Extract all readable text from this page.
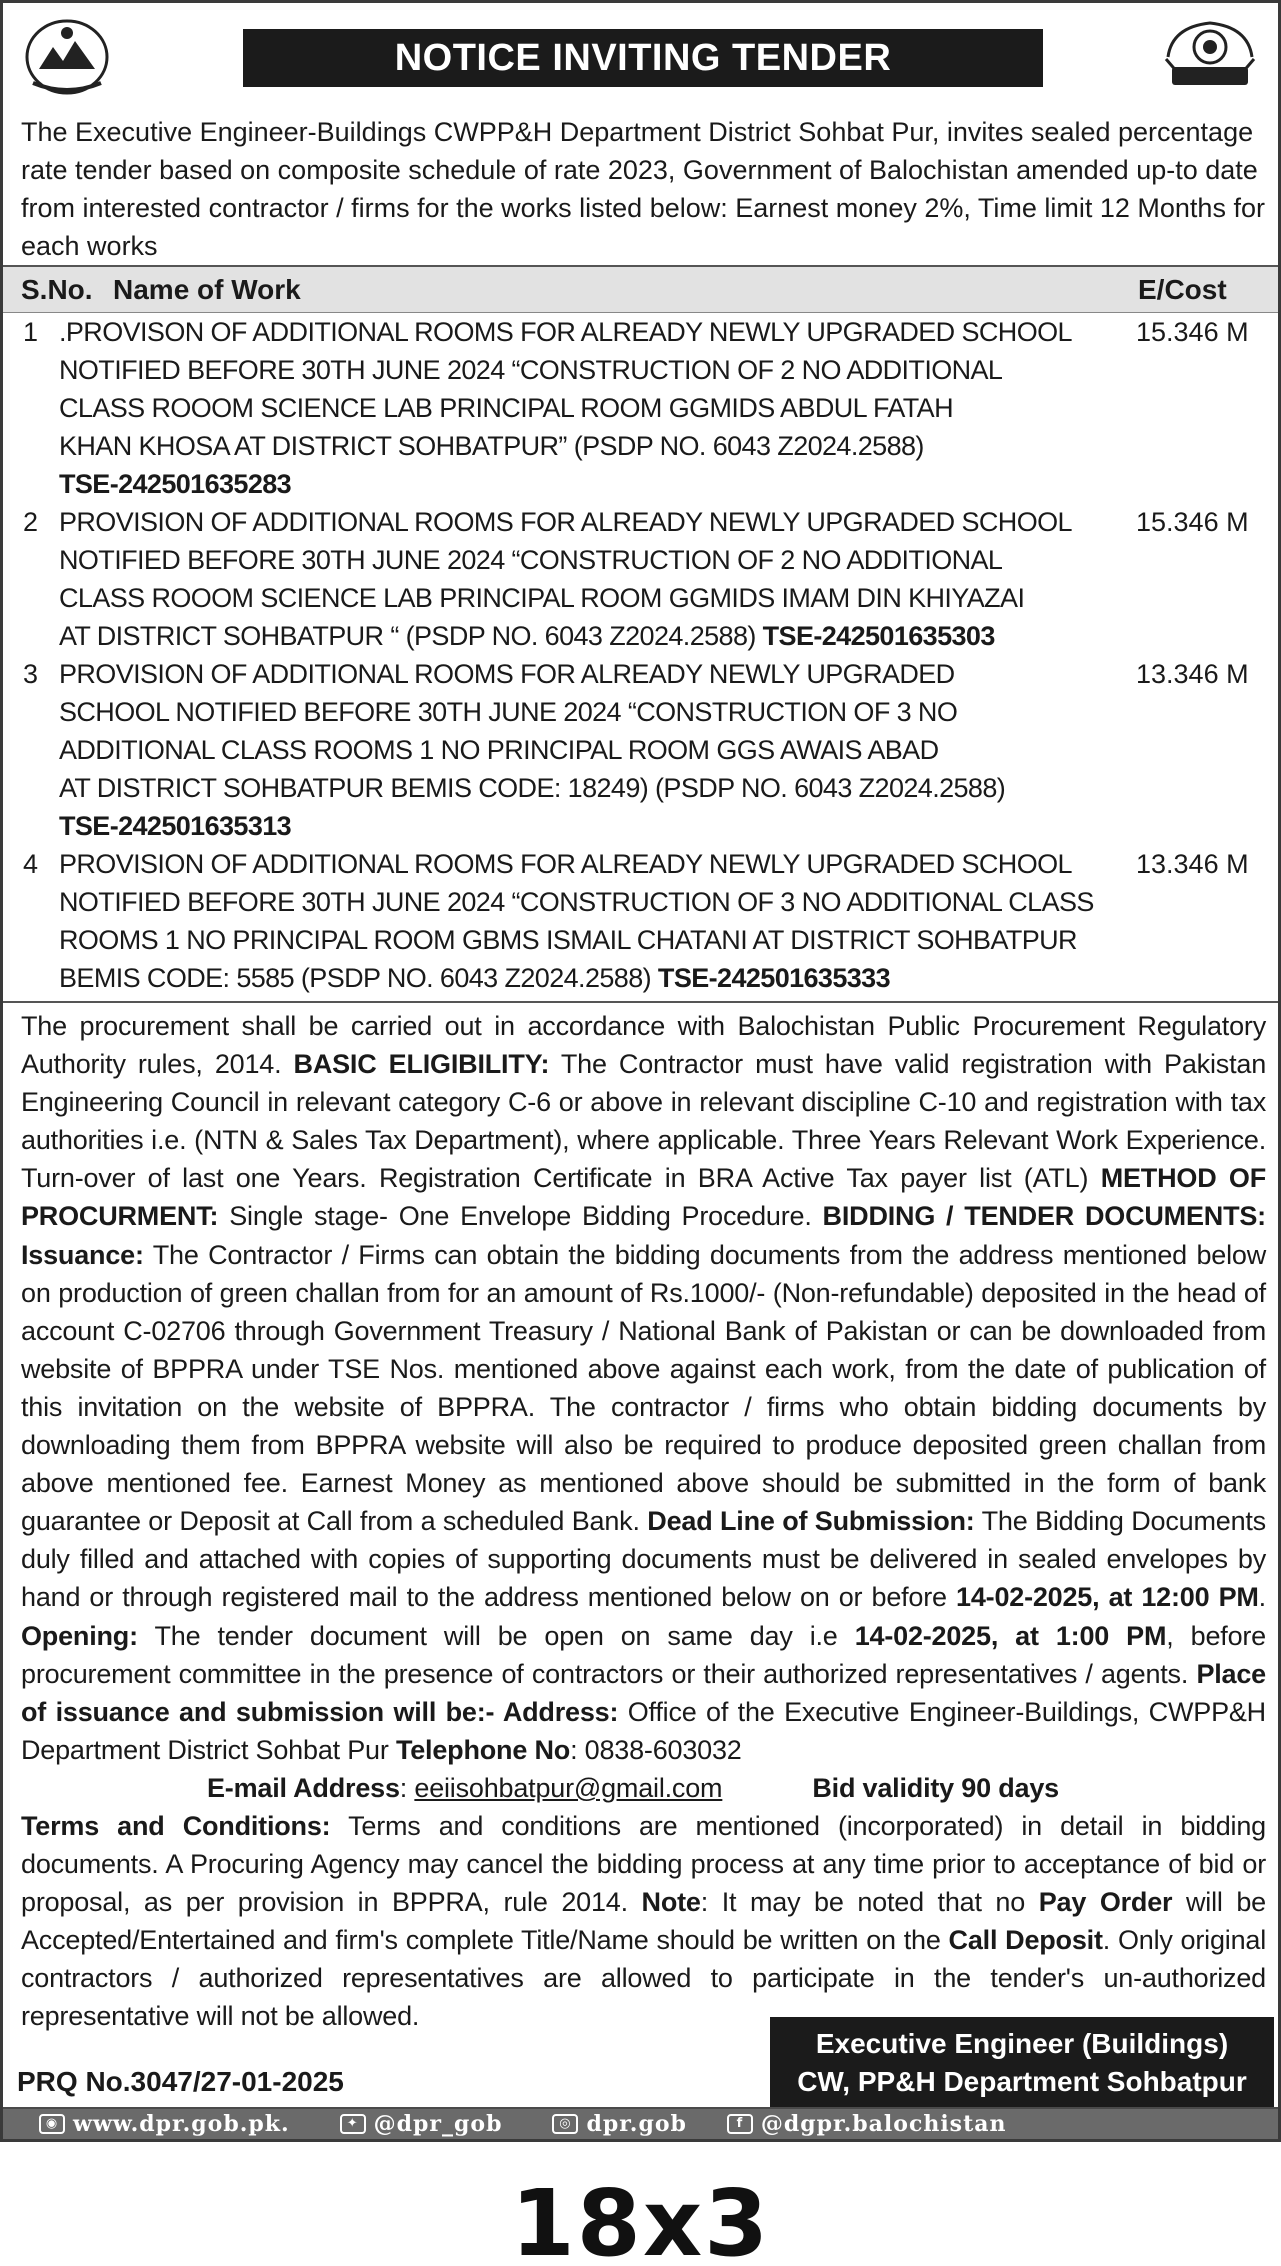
NOTICE INVITING TENDER
The Executive Engineer-Buildings CWPP&H Department District Sohbat Pur, invites sealed percentage rate tender based on composite schedule of rate 2023, Government of Balochistan amended up-to date from interested contractor / firms for the works listed below: Earnest money 2%, Time limit 12 Months for each works
S.No. Name of Work	E/Cost
1 .PROVISON OF ADDITIONAL ROOMS FOR ALREADY NEWLY UPGRADED SCHOOL
NOTIFIED BEFORE 30TH JUNE 2024 “CONSTRUCTION OF 2 NO ADDITIONAL
CLASS ROOOM SCIENCE LAB PRINCIPAL ROOM GGMIDS ABDUL FATAH
KHAN KHOSA AT DISTRICT SOHBATPUR” (PSDP NO. 6043 Z2024.2588)
TSE-242501635283
15.346 M
2 PROVISION OF ADDITIONAL ROOMS FOR ALREADY NEWLY UPGRADED SCHOOL
NOTIFIED BEFORE 30TH JUNE 2024 “CONSTRUCTION OF 2 NO ADDITIONAL
CLASS ROOOM SCIENCE LAB PRINCIPAL ROOM GGMIDS IMAM DIN KHIYAZAI
AT DISTRICT SOHBATPUR “ (PSDP NO. 6043 Z2024.2588) TSE-242501635303
15.346 M
3 PROVISION OF ADDITIONAL ROOMS FOR ALREADY NEWLY UPGRADED
SCHOOL NOTIFIED BEFORE 30TH JUNE 2024 “CONSTRUCTION OF 3 NO
ADDITIONAL CLASS ROOMS 1 NO PRINCIPAL ROOM GGS AWAIS ABAD
AT DISTRICT SOHBATPUR BEMIS CODE: 18249) (PSDP NO. 6043 Z2024.2588)
TSE-242501635313
13.346 M
4 PROVISION OF ADDITIONAL ROOMS FOR ALREADY NEWLY UPGRADED SCHOOL
NOTIFIED BEFORE 30TH JUNE 2024 “CONSTRUCTION OF 3 NO ADDITIONAL CLASS
ROOMS 1 NO PRINCIPAL ROOM GBMS ISMAIL CHATANI AT DISTRICT SOHBATPUR
BEMIS CODE: 5585 (PSDP NO. 6043 Z2024.2588) TSE-242501635333
13.346 M
The procurement shall be carried out in accordance with Balochistan Public Procurement Regulatory Authority rules, 2014. BASIC ELIGIBILITY: The Contractor must have valid registration with Pakistan Engineering Council in relevant category C-6 or above in relevant discipline C-10 and registration with tax authorities i.e. (NTN & Sales Tax Department), where applicable. Three Years Relevant Work Experience. Turn-over of last one Years. Registration Certificate in BRA Active Tax payer list (ATL) METHOD OF PROCURMENT: Single stage- One Envelope Bidding Procedure. BIDDING / TENDER DOCUMENTS: Issuance: The Contractor / Firms can obtain the bidding documents from the address mentioned below on production of green challan from for an amount of Rs.1000/- (Non-refundable) deposited in the head of account C-02706 through Government Treasury / National Bank of Pakistan or can be downloaded from website of BPPRA under TSE Nos. mentioned above against each work, from the date of publication of this invitation on the website of BPPRA. The contractor / firms who obtain bidding documents by downloading them from BPPRA website will also be required to produce deposited green challan from above mentioned fee. Earnest Money as mentioned above should be submitted in the form of bank guarantee or Deposit at Call from a scheduled Bank. Dead Line of Submission: The Bidding Documents duly filled and attached with copies of supporting documents must be delivered in sealed envelopes by hand or through registered mail to the address mentioned below on or before 14-02-2025, at 12:00 PM. Opening: The tender document will be open on same day i.e 14-02-2025, at 1:00 PM, before procurement committee in the presence of contractors or their authorized representatives / agents. Place of issuance and submission will be:- Address: Office of the Executive Engineer-Buildings, CWPP&H Department District Sohbat Pur Telephone No: 0838-603032
E-mail Address: eeiisohbatpur@gmail.com	Bid validity 90 days
Terms and Conditions: Terms and conditions are mentioned (incorporated) in detail in bidding documents. A Procuring Agency may cancel the bidding process at any time prior to acceptance of bid or proposal, as per provision in BPPRA, rule 2014. Note: It may be noted that no Pay Order will be Accepted/Entertained and firm's complete Title/Name should be written on the Call Deposit. Only original contractors / authorized representatives are allowed to participate in the tender's un-authorized representative will not be allowed.
PRQ No.3047/27-01-2025
Executive Engineer (Buildings)
CW, PP&H Department Sohbatpur
◉ www.dpr.gob.pk.	✦ @dpr_gob	◎ dpr.gob	f @dgpr.balochistan
18x3
